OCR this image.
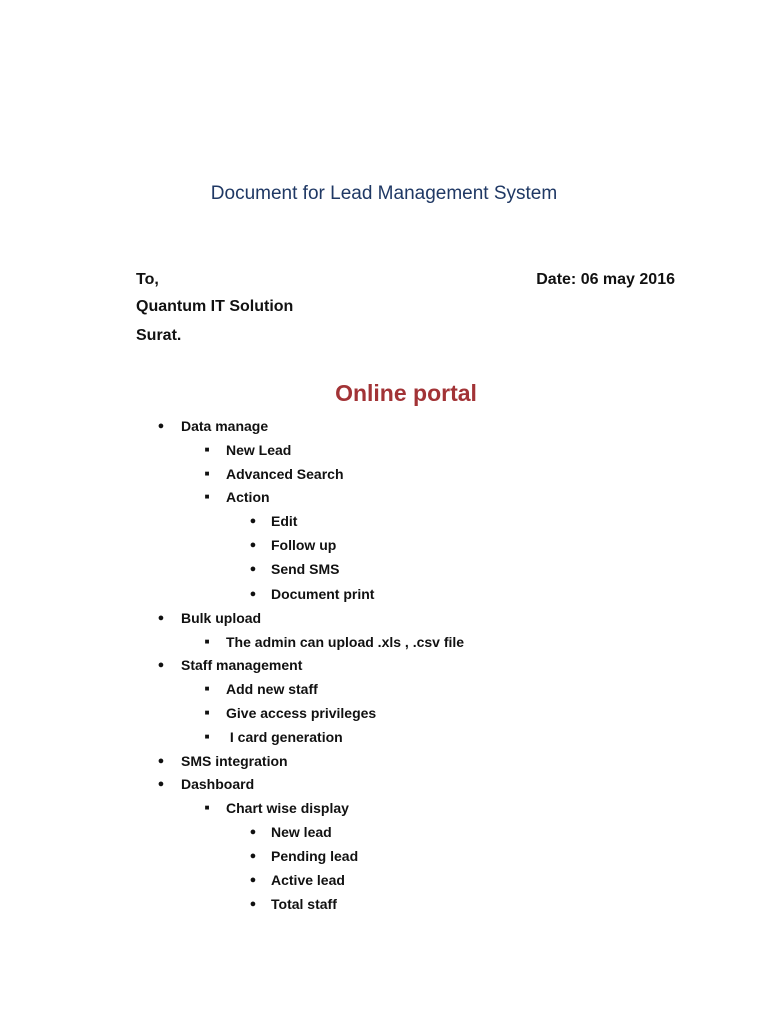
Document for Lead Management System
To,
Quantum IT Solution
Surat.
Date: 06 may 2016
Online portal
● Data manage
■ New Lead
■ Advanced Search
■ Action
● Edit
● Follow up
● Send SMS
● Document print
● Bulk upload
■ The admin can upload .xls , .csv file
● Staff management
■ Add new staff
■ Give access privileges
■ I card generation
● SMS integration
● Dashboard
■ Chart wise display
● New lead
● Pending lead
● Active lead
● Total staff
